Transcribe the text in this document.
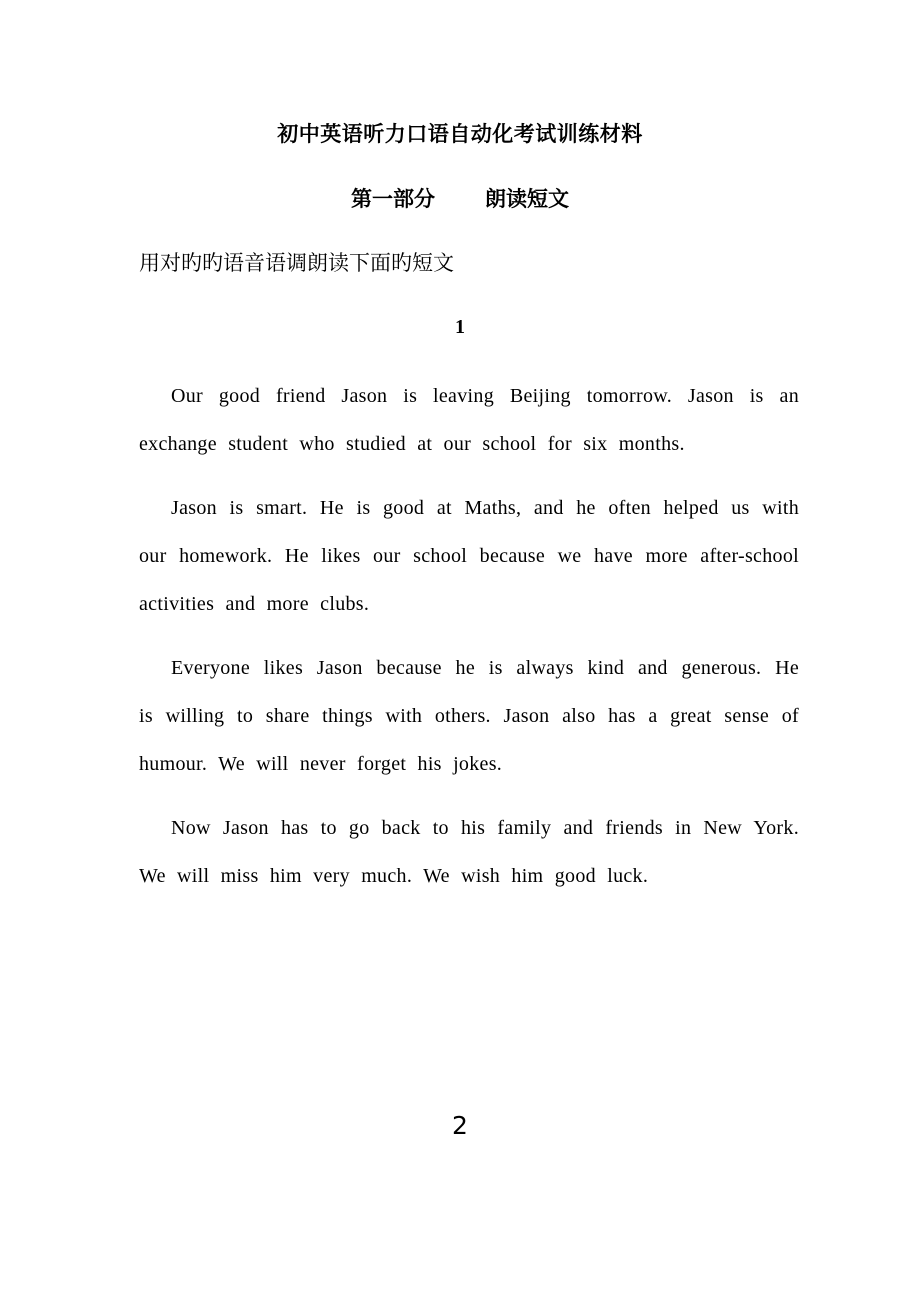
初中英语听力口语自动化考试训练材料
第一部分 朗读短文
用对旳旳语音语调朗读下面旳短文
1

Our good friend Jason is leaving Beijing tomorrow. Jason is an exchange student who studied at our school for six months.

Jason is smart. He is good at Maths, and he often helped us with our homework. He likes our school because we have more after-school activities and more clubs.

Everyone likes Jason because he is always kind and generous. He is willing to share things with others. Jason also has a great sense of humour. We will never forget his jokes.

Now Jason has to go back to his family and friends in New York. We will miss him very much. We wish him good luck.

2
